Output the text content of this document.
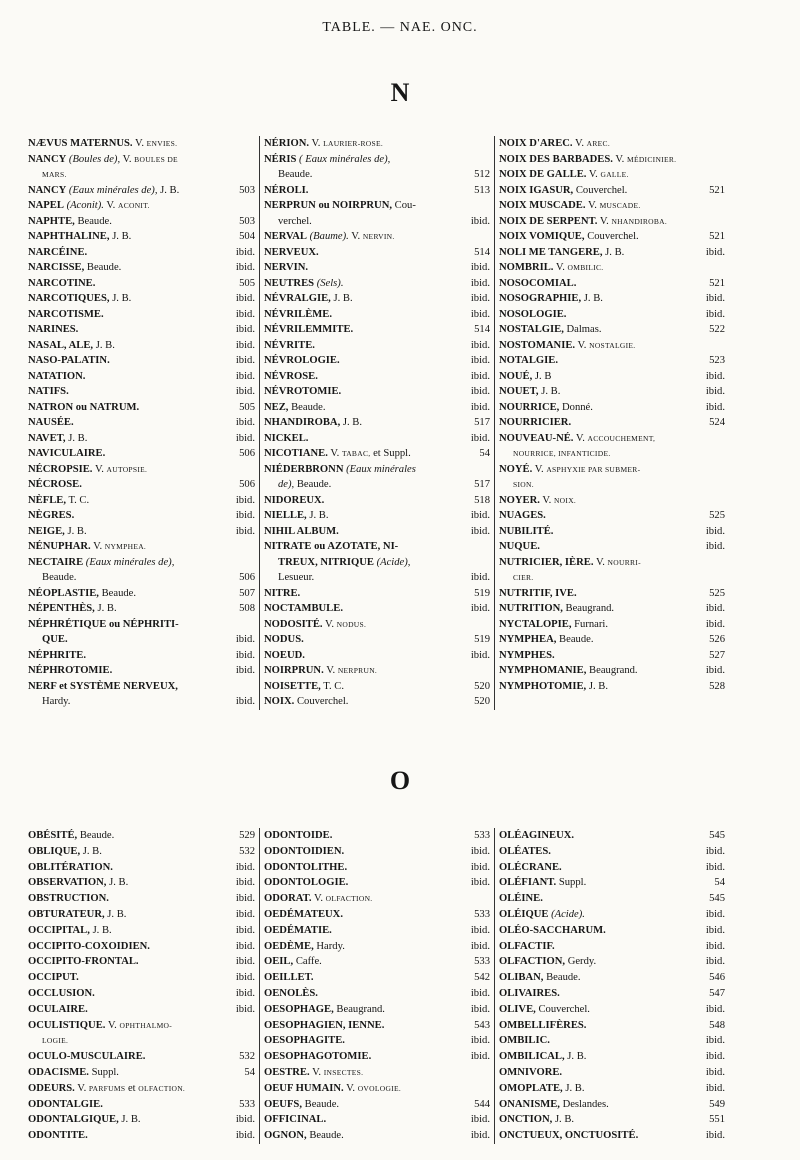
TABLE. — NAE. ONC.
N
NÆVUS MATERNUS. V. ENVIES.
NANCY (Boules de), V. BOULES DE
MARS.
NANCY (Eaux minérales de), J. B.	503
NAPEL (Aconit). V. ACONIT.
NAPHTE, Beaude.	503
NAPHTHALINE, J. B.	504
NARCÉINE.	ibid.
NARCISSE, Beaude.	ibid.
NARCOTINE.	505
NARCOTIQUES, J. B.	ibid.
NARCOTISME.	ibid.
NARINES.	ibid.
NASAL, ALE, J. B.	ibid.
NASO-PALATIN.	ibid.
NATATION.	ibid.
NATIFS.	ibid.
NATRON ou NATRUM.	505
NAUSÉE.	ibid.
NAVET, J. B.	ibid.
NAVICULAIRE.	506
NÉCROPSIE. V. AUTOPSIE.
NÉCROSE.	506
NÈFLE, T. C.	ibid.
NÈGRES.	ibid.
NEIGE, J. B.	ibid.
NÉNUPHAR. V. NYMPHEA.
NECTAIRE (Eaux minérales de),
Beaude.	506
NÉOPLASTIE, Beaude.	507
NÉPENTHÈS, J. B.	508
NÉPHRÉTIQUE ou NÉPHRITI-
QUE.	ibid.
NÉPHRITE.	ibid.
NÉPHROTOMIE.	ibid.
NERF et SYSTÈME NERVEUX,
Hardy.	ibid.
NÉRION. V. LAURIER-ROSE.
NÉRIS ( Eaux minérales de),
Beaude.	512
NÉROLI.	513
NERPRUN ou NOIRPRUN, Cou-
verchel.	ibid.
NERVAL (Baume). V. NERVIN.
NERVEUX.	514
NERVIN.	ibid.
NEUTRES (Sels).	ibid.
NÉVRALGIE, J. B.	ibid.
NÉVRILÈME.	ibid.
NÉVRILEMMITE.	514
NÉVRITE.	ibid.
NÉVROLOGIE.	ibid.
NÉVROSE.	ibid.
NÉVROTOMIE.	ibid.
NEZ, Beaude.	ibid.
NHANDIROBA, J. B.	517
NICKEL.	ibid.
NICOTIANE. V. TABAC, et Suppl.	54
NIÉDERBRONN (Eaux minérales
de), Beaude.	517
NIDOREUX.	518
NIELLE, J. B.	ibid.
NIHIL ALBUM.	ibid.
NITRATE ou AZOTATE, NI-
TREUX, NITRIQUE (Acide),
Lesueur.	ibid.
NITRE.	519
NOCTAMBULE.	ibid.
NODOSITÉ. V. NODUS.
NODUS.	519
NOEUD.	ibid.
NOIRPRUN. V. NERPRUN.
NOISETTE, T. C.	520
NOIX. Couverchel.	520
NOIX D'AREC. V. AREC.
NOIX DES BARBADES. V. MÉDICINIER.
NOIX DE GALLE. V. GALLE.
NOIX IGASUR, Couverchel.	521
NOIX MUSCADE. V. MUSCADE.
NOIX DE SERPENT. V. NHANDIROBA.
NOIX VOMIQUE, Couverchel.	521
NOLI ME TANGERE, J. B.	ibid.
NOMBRIL. V. OMBILIC.
NOSOCOMIAL.	521
NOSOGRAPHIE, J. B.	ibid.
NOSOLOGIE.	ibid.
NOSTALGIE, Dalmas.	522
NOSTOMANIE. V. NOSTALGIE.
NOTALGIE.	523
NOUÉ, J. B	ibid.
NOUET, J. B.	ibid.
NOURRICE, Donné.	ibid.
NOURRICIER.	524
NOUVEAU-NÉ. V. ACCOUCHEMENT,
NOURRICE, INFANTICIDE.
NOYÉ. V. ASPHYXIE PAR SUBMER-
SION.
NOYER. V. NOIX.
NUAGES.	525
NUBILITÉ.	ibid.
NUQUE.	ibid.
NUTRICIER, IÈRE. V. NOURRI-
CIER.
NUTRITIF, IVE.	525
NUTRITION, Beaugrand.	ibid.
NYCTALOPIE, Furnari.	ibid.
NYMPHEA, Beaude.	526
NYMPHES.	527
NYMPHOMANIE, Beaugrand.	ibid.
NYMPHOTOMIE, J. B.	528
O
OBÉSITÉ, Beaude.	529
OBLIQUE, J. B.	532
OBLITÉRATION.	ibid.
OBSERVATION, J. B.	ibid.
OBSTRUCTION.	ibid.
OBTURATEUR, J. B.	ibid.
OCCIPITAL, J. B.	ibid.
OCCIPITO-COXOIDIEN.	ibid.
OCCIPITO-FRONTAL.	ibid.
OCCIPUT.	ibid.
OCCLUSION.	ibid.
OCULAIRE.	ibid.
OCULISTIQUE. V. OPHTHALMO-
LOGIE.
OCULO-MUSCULAIRE.	532
ODACISME. Suppl.	54
ODEURS. V. PARFUMS et OLFACTION.
ODONTALGIE.	533
ODONTALGIQUE, J. B.	ibid.
ODONTITE.	ibid.
ODONTOIDE.	533
ODONTOIDIEN.	ibid.
ODONTOLITHE.	ibid.
ODONTOLOGIE.	ibid.
ODORAT. V. OLFACTION.
OEDÉMATEUX.	533
OEDÉMATIE.	ibid.
OEDÈME, Hardy.	ibid.
OEIL, Caffe.	533
OEILLET.	542
OENOLÈS.	ibid.
OESOPHAGE, Beaugrand.	ibid.
OESOPHAGIEN, IENNE.	543
OESOPHAGITE.	ibid.
OESOPHAGOTOMIE.	ibid.
OESTRE. V. INSECTES.
OEUF HUMAIN. V. OVOLOGIE.
OEUFS, Beaude.	544
OFFICINAL.	ibid.
OGNON, Beaude.	ibid.
OLÉAGINEUX.	545
OLÉATES.	ibid.
OLÉCRANE.	ibid.
OLÉFIANT. Suppl.	54
OLÉINE.	545
OLÉIQUE (Acide).	ibid.
OLÉO-SACCHARUM.	ibid.
OLFACTIF.	ibid.
OLFACTION, Gerdy.	ibid.
OLIBAN, Beaude.	546
OLIVAIRES.	547
OLIVE, Couverchel.	ibid.
OMBELLIFÈRES.	548
OMBILIC.	ibid.
OMBILICAL, J. B.	ibid.
OMNIVORE.	ibid.
OMOPLATE, J. B.	ibid.
ONANISME, Deslandes.	549
ONCTION, J. B.	551
ONCTUEUX, ONCTUOSITÉ.	ibid.
